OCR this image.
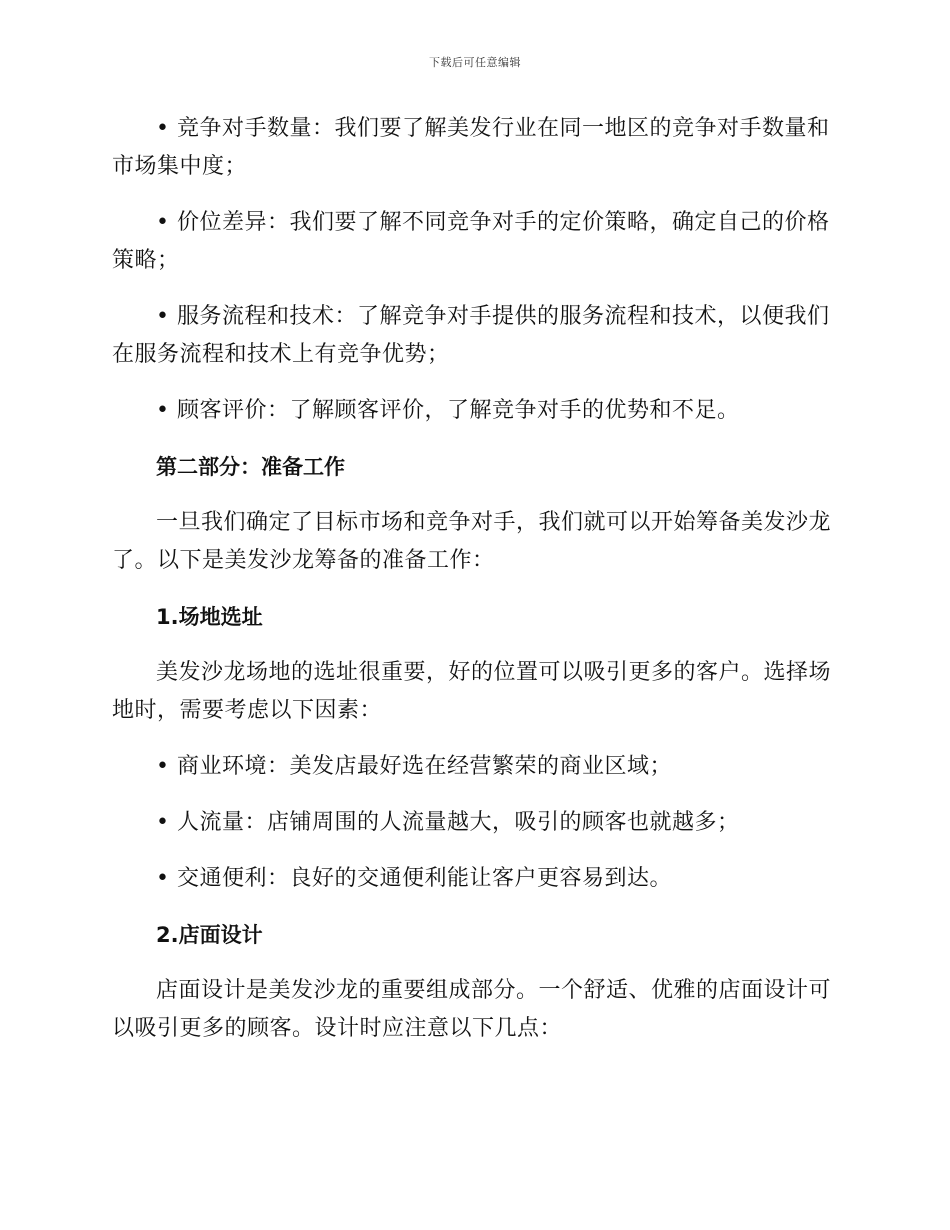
下载后可任意编辑

• 竞争对手数量：我们要了解美发行业在同一地区的竞争对手数量和市场集中度；

• 价位差异：我们要了解不同竞争对手的定价策略，确定自己的价格策略；

• 服务流程和技术：了解竞争对手提供的服务流程和技术，以便我们在服务流程和技术上有竞争优势；

• 顾客评价：了解顾客评价，了解竞争对手的优势和不足。

第二部分：准备工作

一旦我们确定了目标市场和竞争对手，我们就可以开始筹备美发沙龙了。以下是美发沙龙筹备的准备工作：

1.场地选址

美发沙龙场地的选址很重要，好的位置可以吸引更多的客户。选择场地时，需要考虑以下因素：

• 商业环境：美发店最好选在经营繁荣的商业区域；

• 人流量：店铺周围的人流量越大，吸引的顾客也就越多；

• 交通便利：良好的交通便利能让客户更容易到达。

2.店面设计

店面设计是美发沙龙的重要组成部分。一个舒适、优雅的店面设计可以吸引更多的顾客。设计时应注意以下几点：
